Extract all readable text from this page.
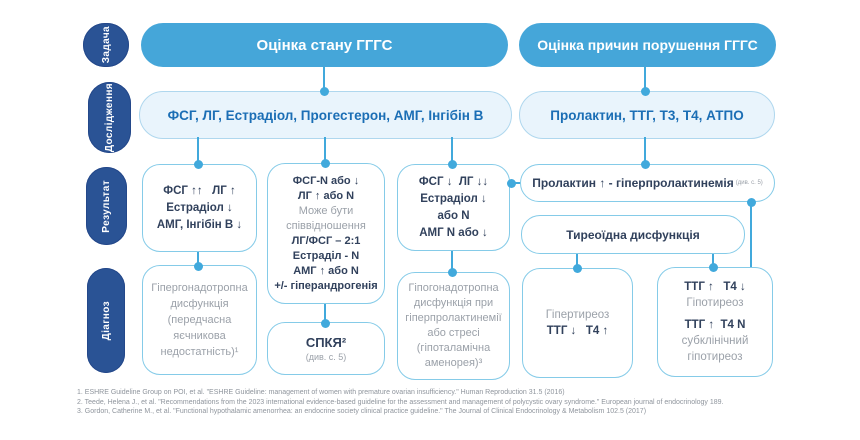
Задача
Дослідження
Результат
Діагноз
Оцінка стану ГГГС	Оцінка причин порушення ГГГС
ФСГ, ЛГ, Естрадіол, Прогестерон, АМГ, Інгібін В	Пролактин, ТТГ, Т3, Т4, АТПО
ФСГ ↑↑   ЛГ ↑
Естрадіол ↓
АМГ, Інгібін В ↓
ФСГ-N або ↓
ЛГ ↑ або N
Може бути співвідношення
ЛГ/ФСГ – 2:1
Естраділ - N
АМГ ↑ або N
+/- гіперандрогенія
ФСГ ↓  ЛГ ↓↓
Естрадіол ↓
або N
АМГ N або ↓
Пролактин ↑ - гіперпролактинемія (див. с. 5)
Тиреоїдна дисфункція
Гіпергонадотропна дисфункція (передчасна яєчникова недостатність)¹
СПКЯ²
(див. с. 5)
Гіпогонадотропна дисфункція при гіперпролактинемії або стресі (гіпоталамічна аменорея)³
Гіпертиреоз
ТТГ ↓   Т4 ↑
ТТГ ↑   Т4 ↓
Гіпотиреоз
ТТГ ↑  Т4 N
субклінічний гіпотиреоз
1. ESHRE Guideline Group on POI, et al. "ESHRE Guideline: management of women with premature ovarian insufficiency." Human Reproduction 31.5 (2016)
2. Teede, Helena J., et al. "Recommendations from the 2023 international evidence-based guideline for the assessment and management of polycystic ovary syndrome." European journal of endocrinology 189.
3. Gordon, Catherine M., et al. "Functional hypothalamic amenorrhea: an endocrine society clinical practice guideline." The Journal of Clinical Endocrinology & Metabolism 102.5 (2017)
